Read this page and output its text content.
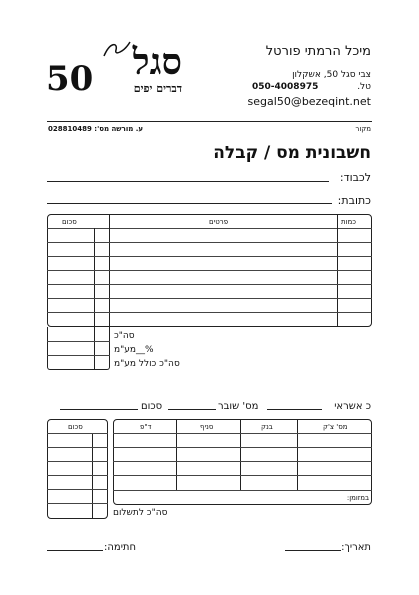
מיכל הרמתי פורטל
צבי סגל 50, אשקלון
טל.
050-4008975
segal50@bezeqint.net
סגל
50	דברים יפים
מקור
ע. מורשה מס': 028810489
חשבונית מס / קבלה
לכבוד:
כתובת:
כמות
פרטים
סכום
סה"כ
%__מע"מ
סה"כ כולל מע"מ
כ אשראי
מס' שובר
סכום
סכום	מס' צ'ק
בנק
סניף
ד"פ
במזומן:
סה"כ לתשלום
תאריך:
חתימה:
